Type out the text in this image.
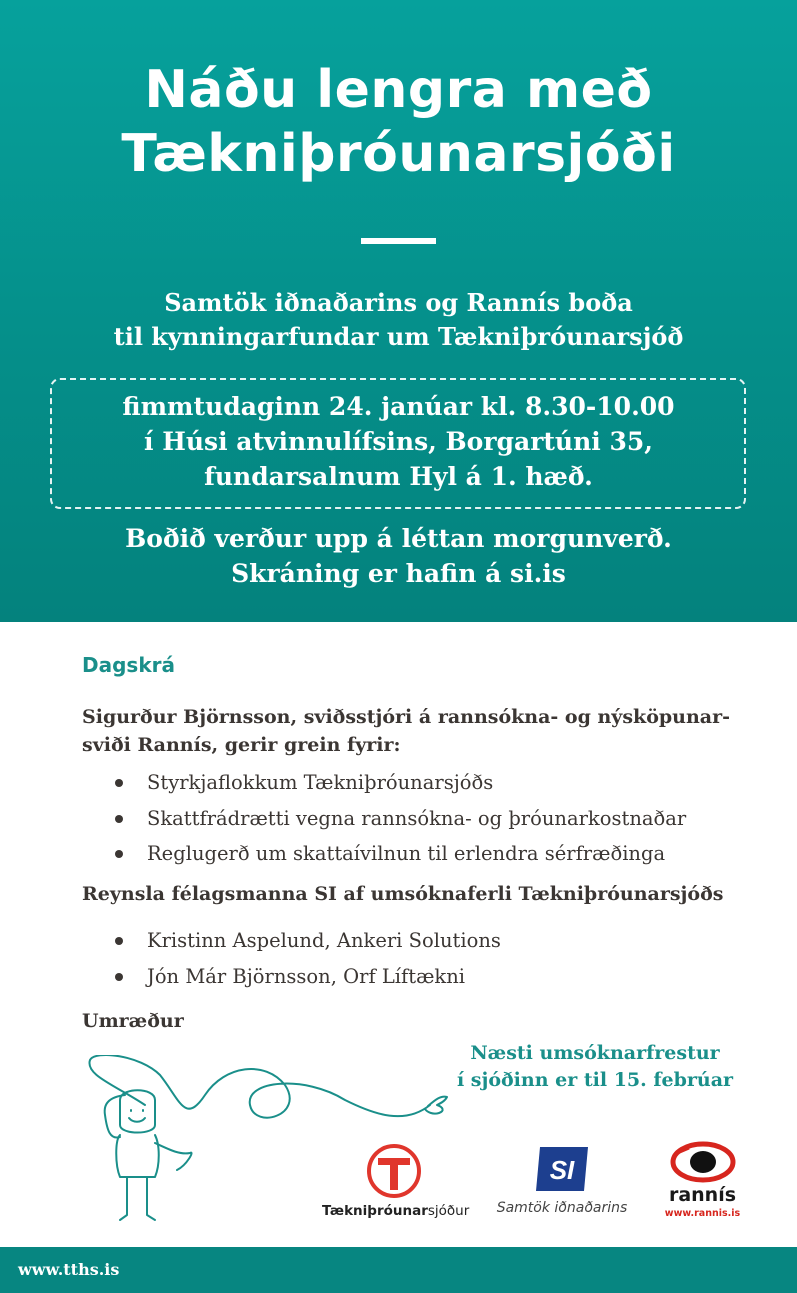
Náðu lengra með
Tækniþróunarsjóði
Samtök iðnaðarins og Rannís boða
til kynningarfundar um Tækniþróunarsjóð
fimmtudaginn 24. janúar kl. 8.30-10.00
í Húsi atvinnulífsins, Borgartúni 35,
fundarsalnum Hyl á 1. hæð.
Boðið verður upp á léttan morgunverð.
Skráning er hafin á si.is
Dagskrá
Sigurður Björnsson, sviðsstjóri á rannsókna- og nýsköpunar-sviði Rannís, gerir grein fyrir:
Styrkjaflokkum Tækniþróunarsjóðs
Skattfrádrætti vegna rannsókna- og þróunarkostnaðar
Reglugerð um skattaívilnun til erlendra sérfræðinga
Reynsla félagsmanna SI af umsóknaferli Tækniþróunarsjóðs
Kristinn Aspelund, Ankeri Solutions
Jón Már Björnsson, Orf Líftækni
Umræður
Næsti umsóknarfrestur
í sjóðinn er til 15. febrúar
Tækniþróunarsjóður
SI
Samtök iðnaðarins
rannís
www.rannis.is
www.tths.is
